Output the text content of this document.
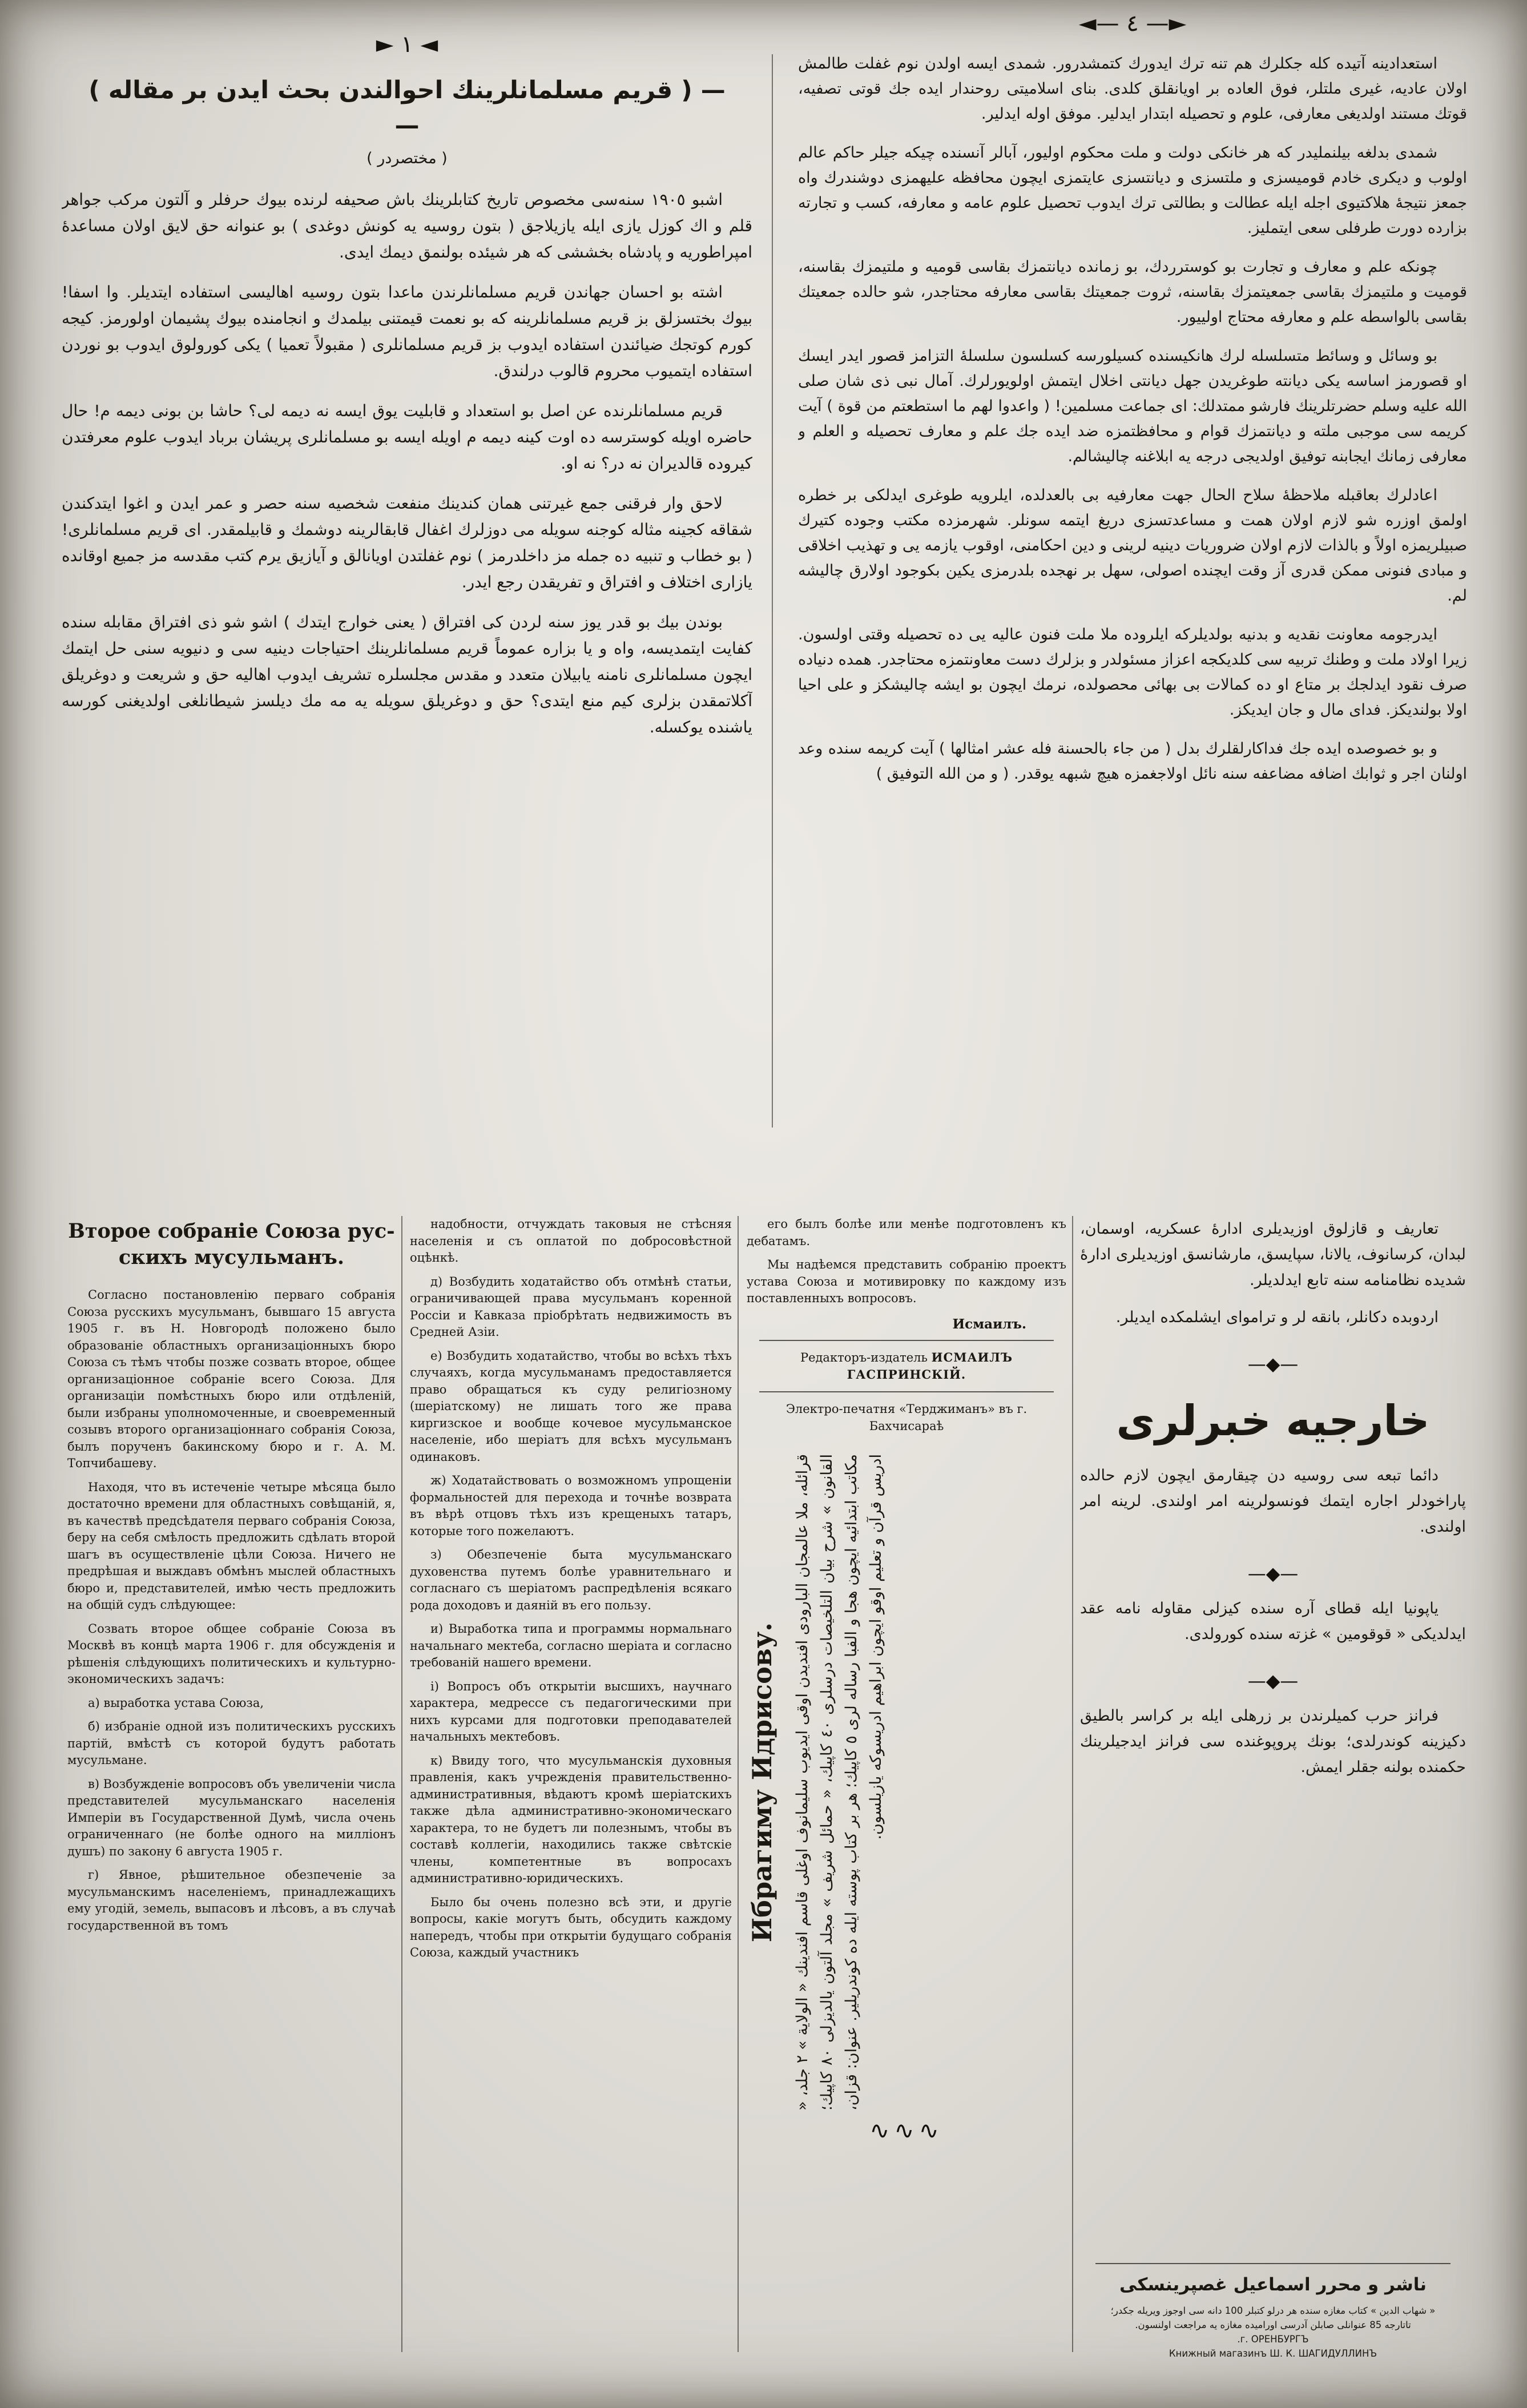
◄ ١ ►
— ( قريم مسلمانلرينك احوالندن بحث ايدن بر مقاله ) —
( مختصردر )

اشبو ١٩٠٥ سنه‌سى مخصوص تاريخ كتابلرينك باش صحيفه لرنده بيوك حرفلر و آلتون مركب جواهر قلم و اك كوزل يازى ايله يازيلاجق ( بتون روسيه يه كونش دوغدى ) بو عنوانه حق لايق اولان مساعدهٔ امپراطوريه و پادشاه بخششى كه هر شيئده بولنمق ديمك ايدى.

اشته بو احسان جهاندن قريم مسلمانلرندن ماعدا بتون روسيه اهاليسى استفاده ايتديلر. وا اسفا! بيوك بختسزلق بز قريم مسلمانلرينه كه بو نعمت قيمتنى بيلمدك و انجامنده بيوك پشيمان اولورمز. كيجه كورم كوتجك ضيائندن استفاده ايدوب بز قريم مسلمانلرى ( مقبولاً تعميا ) يكى كورولوق ايدوب بو نوردن استفاده ايتميوب محروم قالوب درلندق.

قريم مسلمانلرنده عن اصل بو استعداد و قابليت يوق ايسه نه ديمه لى؟ حاشا بن بونى ديمه م! حال حاضره اويله كوسترسه ده اوت كينه ديمه م اويله ايسه بو مسلمانلرى پريشان برباد ايدوب علوم معرفتدن كيروده قالديران نه در؟ نه او.

لاحق وار فرقنى جمع غيرتنى همان كندينك منفعت شخصيه سنه حصر و عمر ايدن و اغوا ايتدكندن شقاقه كجينه مثاله كوجنه سويله مى دوزلرك اغفال قابقالرينه دوشمك و قابيلمقدر. اى قريم مسلمانلرى! ( بو خطاب و تنبيه ده جمله مز داخلدرمز ) نوم غفلتدن اويانالق و آيازيق يرم كتب مقدسه مز جميع اوقانده يازارى اختلاف و افتراق و تفريقدن رجع ايدر.

بوندن بيك بو قدر يوز سنه لردن كى افتراق ( يعنى خوارج ايتدك ) اشو شو ذى افتراق مقابله سنده كفايت ايتمديسه، واه و يا بزاره عموماً قريم مسلمانلرينك احتياجات دينيه سى و دنيويه سنى حل ايتمك ايچون مسلمانلرى نامنه يابيلان متعدد و مقدس مجلسلره تشريف ايدوب اهاليه حق و شريعت و دوغريلق آكلاتمقدن بزلرى كيم منع ايتدى؟ حق و دوغريلق سويله يه مه مك ديلسز شيطانلغى اولديغنى كورسه ياشنده يوكسله.

►— ٤ —◄

استعدادينه آتيده كله جكلرك هم تنه ترك ايدورك كتمشدرور. شمدى ايسه اولدن نوم غفلت طالمش اولان عاديه، غيرى ملتلر، فوق العاده بر اويانقلق كلدى. بناى اسلاميتى روحندار ايده جك قوتى تصفيه، قوتك مستند اولديغى معارفى، علوم و تحصيله ابتدار ايدلير. موفق اوله ايدلير.

شمدى بدلغه بيلنمليدر كه هر خانكى دولت و ملت محكوم اوليور، آبالر آنسنده چيكه جيلر حاكم عالم اولوب و ديكرى خادم قوميسزى و ملتسزى و ديانتسزى عايتمزى ايچون محافظه عليهمزى دوشندرك واه جمعز نتيجهٔ هلاكتيوى اجله ايله عطالت و بطالتى ترك ايدوب تحصيل علوم عامه و معارفه، كسب و تجارته بزارده دورت طرفلى سعى ايتمليز.

چونكه علم و معارف و تجارت بو كوسترردك، بو زمانده ديانتمزك بقاسى قوميه و ملتيمزك بقاسنه، قوميت و ملتيمزك بقاسى جمعيتمزك بقاسنه، ثروت جمعيتك بقاسى معارفه محتاجدر، شو حالده جمعيتك بقاسى بالواسطه علم و معارفه محتاج اولييور.

بو وسائل و وسائط متسلسله لرك هانكيسنده كسيلورسه كسلسون سلسلهٔ التزامز قصور ايدر ايسك او قصورمز اساسه يكى ديانته طوغريدن جهل ديانتى اخلال ايتمش اولويورلرك. آمال نبى ذى شان صلى الله عليه وسلم حضرتلرينك فارشو ممتدلك: اى جماعت مسلمين! ( واعدوا لهم ما استطعتم من قوة ) آيت كريمه سى موجبى ملته و ديانتمزك قوام و محافظتمزه ضد ايده جك علم و معارف تحصيله و العلم و معارفى زمانك ايجابنه توفيق اولديجى درجه يه ابلاغنه چاليشالم.

اعادلرك بعاقبله ملاحظهٔ سلاح الحال جهت معارفيه بى بالعدلده، ايلرويه طوغرى ايدلكى بر خطره اولمق اوزره شو لازم اولان همت و مساعدتسزى دريغ ايتمه سونلر. شهرمزده مكتب وجوده كتيرك صبيلريمزه اولاً و بالذات لازم اولان ضروريات دينيه لرينى و دين احكامنى، اوقوب يازمه يى و تهذيب اخلاقى و مبادى فنونى ممكن قدرى آز وقت ايچنده اصولى، سهل بر نهجده بلدرمزى يكين بكوجود اولارق چاليشه لم.

ايدرجومه معاونت نقديه و بدنيه بولديلركه ايلروده ملا ملت فنون عاليه يى ده تحصيله وقتى اولسون. زيرا اولاد ملت و وطنك تربيه سى كلديكجه اعزاز مسئولدر و بزلرك دست معاونتمزه محتاجدر. همده دنياده صرف نقود ايدلجك بر متاع او ده كمالات بى بهائى محصولده، نرمك ايچون بو ايشه چاليشكز و على احيا اولا بولنديكز. فداى مال و جان ايديكز.

و بو خصوصده ايده جك فداكارلقلرك بدل ( من جاء بالحسنة فله عشر امثالها ) آيت كريمه سنده وعد اولنان اجر و ثوابك اضافه مضاعفه سنه نائل اولاجغمزه هيچ شبهه يوقدر. ( و من الله التوفيق )

Второе собраніе Союза рус-
скихъ мусульманъ.

Согласно постановленію перваго собранія Союза русскихъ мусульманъ, бывшаго 15 августа 1905 г. въ Н. Новгородѣ положено было образованіе областныхъ организаціонныхъ бюро Союза съ тѣмъ чтобы позже созвать второе, общее организаціонное собраніе всего Союза. Для организаціи помѣстныхъ бюро или отдѣленій, были избраны уполномоченные, и своевременный созывъ второго организаціоннаго собранія Союза, былъ порученъ бакинскому бюро и г. А. М. Топчибашеву.

Находя, что въ истеченіе четыре мѣсяца было достаточно времени для областныхъ совѣщаній, я, въ качествѣ предсѣдателя перваго собранія Союза, беру на себя смѣлость предложить сдѣлать второй шагъ въ осуществленіе цѣли Союза. Ничего не предрѣшая и выждавъ обмѣнъ мыслей областныхъ бюро и, представителей, имѣю честь предложить на общій судъ слѣдующее:

Созвать второе общее собраніе Союза въ Москвѣ въ концѣ марта 1906 г. для обсужденія и рѣшенія слѣдующихъ политическихъ и культурно-экономическихъ задачъ:

а) выработка устава Союза,

б) избраніе одной изъ политическихъ русскихъ партій, вмѣстѣ съ которой будутъ работать мусульмане.

в) Возбужденіе вопросовъ объ увеличеніи числа представителей мусульманскаго населенія Имперіи въ Государственной Думѣ, числа очень ограниченнаго (не болѣе одного на милліонъ душъ) по закону 6 августа 1905 г.

г) Явное, рѣшительное обезпеченіе за мусульманскимъ населеніемъ, принадлежащихъ ему угодій, земель, выпасовъ и лѣсовъ, а въ случаѣ государственной въ томъ

надобности, отчуждать таковыя не стѣсняя населенія и съ оплатой по добросовѣстной оцѣнкѣ.

д) Возбудить ходатайство объ отмѣнѣ статьи, ограничивающей права мусульманъ коренной Россіи и Кавказа пріобрѣтать недвижимость въ Средней Азіи.

е) Возбудить ходатайство, чтобы во всѣхъ тѣхъ случаяхъ, когда мусульманамъ предоставляется право обращаться къ суду религіозному (шеріатскому) не лишать того же права киргизское и вообще кочевое мусульманское населеніе, ибо шеріатъ для всѣхъ мусульманъ одинаковъ.

ж) Ходатайствовать о возможномъ упрощеніи формальностей для перехода и точнѣе возврата въ вѣрѣ отцовъ тѣхъ изъ крещеныхъ татаръ, которые того пожелаютъ.

з) Обезпеченіе быта мусульманскаго духовенства путемъ болѣе уравнительнаго и согласнаго съ шеріатомъ распредѣленія всякаго рода доходовъ и даяній въ его пользу.

и) Выработка типа и программы нормальнаго начальнаго мектеба, согласно шеріата и согласно требованій нашего времени.

і) Вопросъ объ открытіи высшихъ, научнаго характера, медрессе съ педагогическими при нихъ курсами для подготовки преподавателей начальныхъ мектебовъ.

к) Ввиду того, что мусульманскія духовныя правленія, какъ учрежденія правительственно-административныя, вѣдаютъ кромѣ шеріатскихъ также дѣла административно-экономическаго характера, то не будетъ ли полезнымъ, чтобы въ составѣ коллегіи, находились также свѣтскіе члены, компетентные въ вопросахъ административно-юридическихъ.

Было бы очень полезно всѣ эти, и другіе вопросы, какіе могутъ быть, обсудить каждому напередъ, чтобы при открытіи будущаго собранія Союза, каждый участникъ

его былъ болѣе или менѣе подготовленъ къ дебатамъ.

Мы надѣемся представить собранію проектъ устава Союза и мотивировку по каждому изъ поставленныхъ вопросовъ.

Исмаилъ.
Редакторъ-издатель ИСМАИЛЪ ГАСПРИНСКІЙ.
Электро-печатня «Терджиманъ» въ г. Бахчисараѣ
Ибрагиму Идрисову.
قرائله، ملا عالمجان البارودى افنديدن اوقى ايديوب سليمانوف اوغلى قاسم افندينك « الولاية » ٢ جلد، « القانون » شرح بيان التلخيصات درسلرى ٤٠ كاپيك، « حمائل شريف » مجلد آلتون يالديزلى ٨٠ كاپيك؛ مكاتب ابتدائيه ايچون هجا و الفبا رساله لرى ٥ كاپيك؛ هر بر كتاب پوسته ايله ده كوندريلير. عنوان: قزان، ادريس قرآن و تعليم اوقو ايچون ابراهيم ادريسوكه يازيلسون.
∿∿∿

تعاريف و قازلوق اوزيديلرى ادارهٔ عسكريه، اوسمان، لبدان، كرسانوف، يالانا، سپايسق، مارشانسق اوزيديلرى ادارهٔ شديده نظامنامه سنه تابع ايدلديلر.

اردوبده دكانلر، بانقه لر و ترامواى ايشلمكده ايديلر.

—◆—
خارجيه خبرلرى

دائما تبعه سى روسيه دن چيقارمق ايچون لازم حالده پاراخودلر اجاره ايتمك فونسولرينه امر اولندى. لرينه امر اولندى.

—◆—

ياپونيا ايله قطاى آره سنده كيزلى مقاوله نامه عقد ايدلديكى « قوقومين » غزته سنده كورولدى.

—◆—

فرانز حرب كميلرندن بر زرهلى ايله بر كراسر بالطيق دكيزينه كوندرلدى؛ بونك پروپوغنده سى فرانز ايدجيلرينك حكمنده بولنه جقلر ايمش.

ناشر و محرر اسماعيل غصپرينسكى

« شهاب الدين » كتاب مغازه سنده هر درلو كتبلر 100 دانه سى اوجوز ويريله جكدر؛

تاتارجه 85 عنوانلى صابلن آدرسى اوراميده مغازه يه مراجعت اولنسون.

г. ОРЕНБУРГЪ.

Книжный магазинъ Ш. К. ШАГИДУЛЛИНЪ
